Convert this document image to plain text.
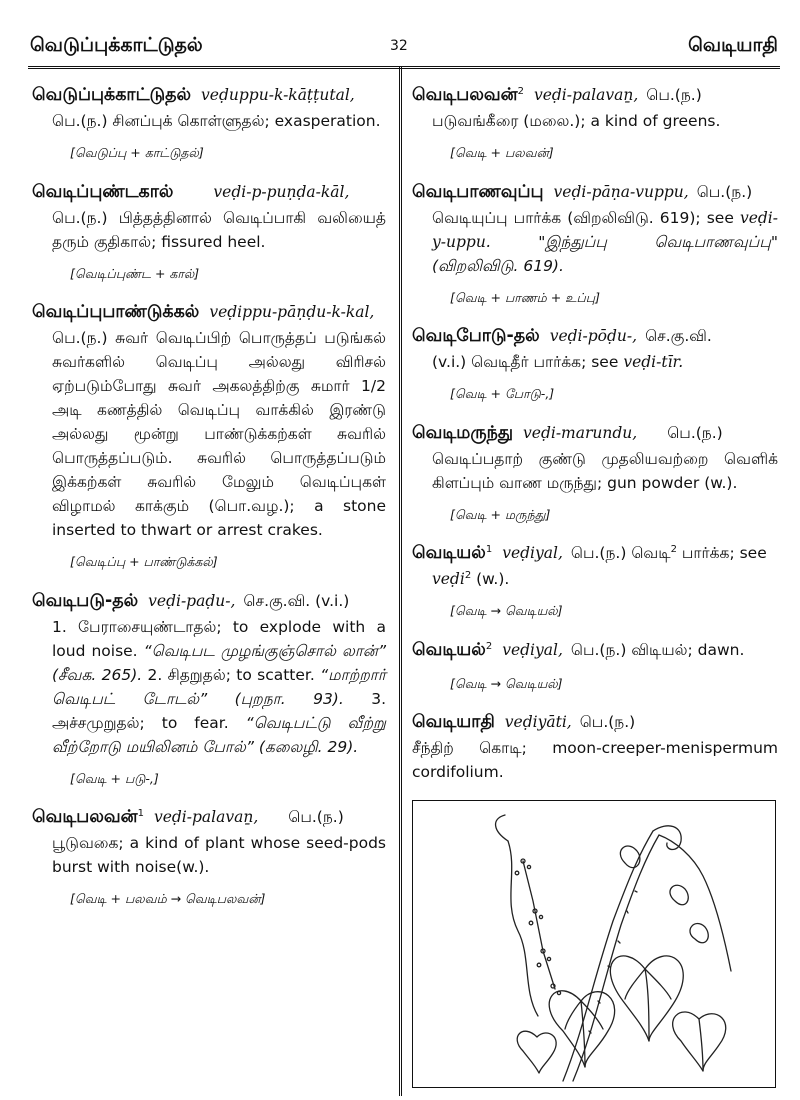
வெடுப்புக்காட்டுதல்	32	வெடியாதி
வெடுப்புக்காட்டுதல் veḍuppu-k-kāṭṭutal,
பெ.(ந.) சினப்புக் கொள்ளுதல்; exasperation.
[வெடுப்பு + காட்டுதல்]
வெடிப்புண்டகால்	veḍi-p-puṇḍa-kāl,
பெ.(ந.) பித்தத்தினால் வெடிப்பாகி வலியைத் தரும் குதிகால்; fissured heel.
[வெடிப்புண்ட + கால்]
வெடிப்புபாண்டுக்கல் veḍippu-pāṇḍu-k-kal,
பெ.(ந.) சுவர் வெடிப்பிற் பொருத்தப் படுங்கல் சுவர்களில் வெடிப்பு அல்லது விரிசல் ஏற்படும்போது சுவர் அகலத்திற்கு சுமார் 1/2 அடி கணத்தில் வெடிப்பு வாக்கில் இரண்டு அல்லது மூன்று பாண்டுக்கற்கள் சுவரில் பொருத்தப்படும். சுவரில் பொருத்தப்படும் இக்கற்கள் சுவரில் மேலும் வெடிப்புகள் விழாமல் காக்கும் (பொ.வழ.); a stone inserted to thwart or arrest crakes.
[வெடிப்பு + பாண்டுக்கல்]
வெடிபடு-தல் veḍi-paḍu-, செ.கு.வி. (v.i.)
1. பேராசையுண்டாதல்; to explode with a loud noise. “வெடிபட முழங்குஞ்சொல் லான்” (சீவக. 265). 2. சிதறுதல்; to scatter. “மாற்றார் வெடிபட் டோடல்” (புறநா. 93). 3. அச்சமுறுதல்; to fear. “வெடிபட்டு வீற்று வீற்றோடு மயிலினம் போல்” (கலைழி. 29).
[வெடி + படு-,]
வெடிபலவன்$^1$ veḍi-palavaṉ, பெ.(ந.)
பூடுவகை; a kind of plant whose seed-pods burst with noise(w.).
[வெடி + பலவம் → வெடிபலவன்]
வெடிபலவன்$^2$ veḍi-palavaṉ, பெ.(ந.)
படுவங்கீரை (மலை.); a kind of greens.
[வெடி + பலவன்]
வெடிபாணவுப்பு veḍi-pāṇa-vuppu, பெ.(ந.)
வெடியுப்பு பார்க்க (விறலிவிடு. 619); see veḍi-y-uppu.	"இந்துப்பு வெடிபாணவுப்பு" (விறலிவிடு. 619).
[வெடி + பாணம் + உப்பு]
வெடிபோடு-தல் veḍi-pōḍu-, செ.கு.வி.
(v.i.) வெடிதீர் பார்க்க; see veḍi-tīr.
[வெடி + போடு-,]
வெடிமருந்து veḍi-marundu, பெ.(ந.)
வெடிப்பதாற் குண்டு முதலியவற்றை வெளிக் கிளப்பும் வாண மருந்து; gun powder (w.).
[வெடி + மருந்து]
வெடியல்$^1$ veḍiyal, பெ.(ந.) வெடி$^2$ பார்க்க; see
veḍi$^2$ (w.).
[வெடி → வெடியல்]
வெடியல்$^2$ veḍiyal, பெ.(ந.) விடியல்; dawn.
[வெடி → வெடியல்]
வெடியாதி veḍiyāti, பெ.(ந.)
சீந்திற் கொடி; moon-creeper-menispermum cordifolium.
